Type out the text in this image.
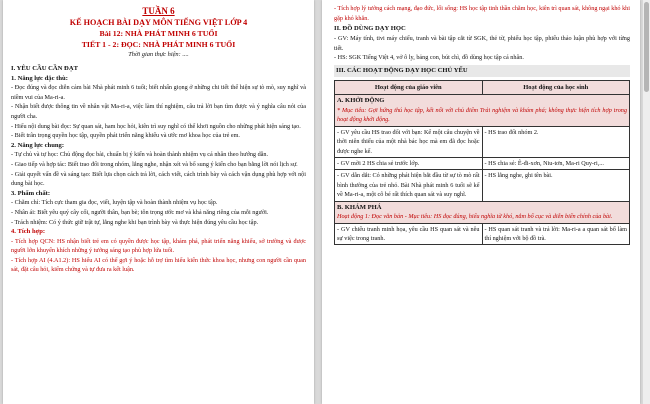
TUẦN 6

KẾ HOẠCH BÀI DẠY MÔN TIẾNG VIỆT LỚP 4

Bài 12: NHÀ PHÁT MINH 6 TUỔI

TIẾT 1 - 2: ĐỌC: NHÀ PHÁT MINH 6 TUỔI

Thời gian thực hiện: ....

I. YÊU CẦU CẦN ĐẠT

1. Năng lực đặc thù:

- Đọc đúng và đọc diễn cảm bài Nhà phát minh 6 tuổi; biết nhấn giọng ở những chi tiết thể hiện sự tò mò, suy nghĩ và niềm vui của Ma-ri-a.

- Nhận biết được thông tin về nhân vật Ma-ri-a, việc làm thí nghiệm, câu trả lời bạn tìm được và ý nghĩa câu nói của người cha.

- Hiểu nội dung bài đọc: Sự quan sát, ham học hỏi, kiên trì suy nghĩ có thể khơi nguồn cho những phát hiện sáng tạo.

- Biết trân trọng quyền học tập, quyền phát triển năng khiếu và ước mơ khoa học của trẻ em.

2. Năng lực chung:

- Tự chủ và tự học: Chủ động đọc bài, chuẩn bị ý kiến và hoàn thành nhiệm vụ cá nhân theo hướng dẫn.

- Giao tiếp và hợp tác: Biết trao đổi trong nhóm, lắng nghe, nhận xét và bổ sung ý kiến cho bạn bằng lời nói lịch sự.

- Giải quyết vấn đề và sáng tạo: Biết lựa chọn cách trả lời, cách viết, cách trình bày và cách vận dụng phù hợp với nội dung bài học.

3. Phẩm chất:

- Chăm chỉ: Tích cực tham gia đọc, viết, luyện tập và hoàn thành nhiệm vụ học tập.

- Nhân ái: Biết yêu quý cây cối, người thân, bạn bè; tôn trọng ước mơ và khả năng riêng của mỗi người.

- Trách nhiệm: Có ý thức giữ trật tự, lắng nghe khi bạn trình bày và thực hiện đúng yêu cầu học tập.

4. Tích hợp:

- Tích hợp QCN: HS nhận biết trẻ em có quyền được học tập, khám phá, phát triển năng khiếu, sở trường và được người lớn khuyến khích những ý tưởng sáng tạo phù hợp lứa tuổi.

- Tích hợp AI (4.A1.2): HS hiểu AI có thể gợi ý hoặc hỗ trợ tìm hiểu kiến thức khoa học, nhưng con người cần quan sát, đặt câu hỏi, kiểm chứng và tự đưa ra kết luận.

- Tích hợp lý tưởng cách mạng, đạo đức, lối sống: HS học tập tinh thần chăm học, kiên trì quan sát, không ngại khó khi gặp khó khăn.

II. ĐỒ DÙNG DẠY HỌC

- GV: Máy tính, tivi máy chiếu, tranh và bài tập cắt từ SGK, thẻ từ, phiếu học tập, phiếu thảo luận phù hợp với từng tiết.

- HS: SGK Tiếng Việt 4, vở ô ly, bảng con, bút chì, đồ dùng học tập cá nhân.

III. CÁC HOẠT ĐỘNG DẠY HỌC CHỦ YẾU

Hoạt động của giáo viên	Hoạt động của học sinh

A. KHỞI ĐỘNG
* Mục tiêu: Gợi hứng thú học tập, kết nối với chủ điểm Trải nghiệm và khám phá; không thực hiện tích hợp trong hoạt động khởi động.	

- GV yêu cầu HS trao đổi với bạn: Kể một câu chuyện về thời niên thiếu của một nhà bác học mà em đã đọc hoặc được nghe kể.	- HS trao đổi nhóm 2.
- GV mời 2 HS chia sẻ trước lớp.	- HS chia sẻ: Ê-đi-xơn, Niu-tơn, Ma-ri Quy-ri,...
- GV dẫn dắt: Có những phát hiện bắt đầu từ sự tò mò rất bình thường của trẻ nhỏ. Bài Nhà phát minh 6 tuổi sẽ kể về Ma-ri-a, một cô bé rất thích quan sát và suy nghĩ.	- HS lắng nghe, ghi tên bài.

B. KHÁM PHÁ
Hoạt động 1: Đọc văn bản - Mục tiêu: HS đọc đúng, hiểu nghĩa từ khó, nắm bố cục và diễn biến chính của bài.	

- GV chiếu tranh minh họa, yêu cầu HS quan sát và nêu sự việc trong tranh.	- HS quan sát tranh và trả lời: Ma-ri-a a quan sát bố làm thí nghiệm với bộ đồ trà.
